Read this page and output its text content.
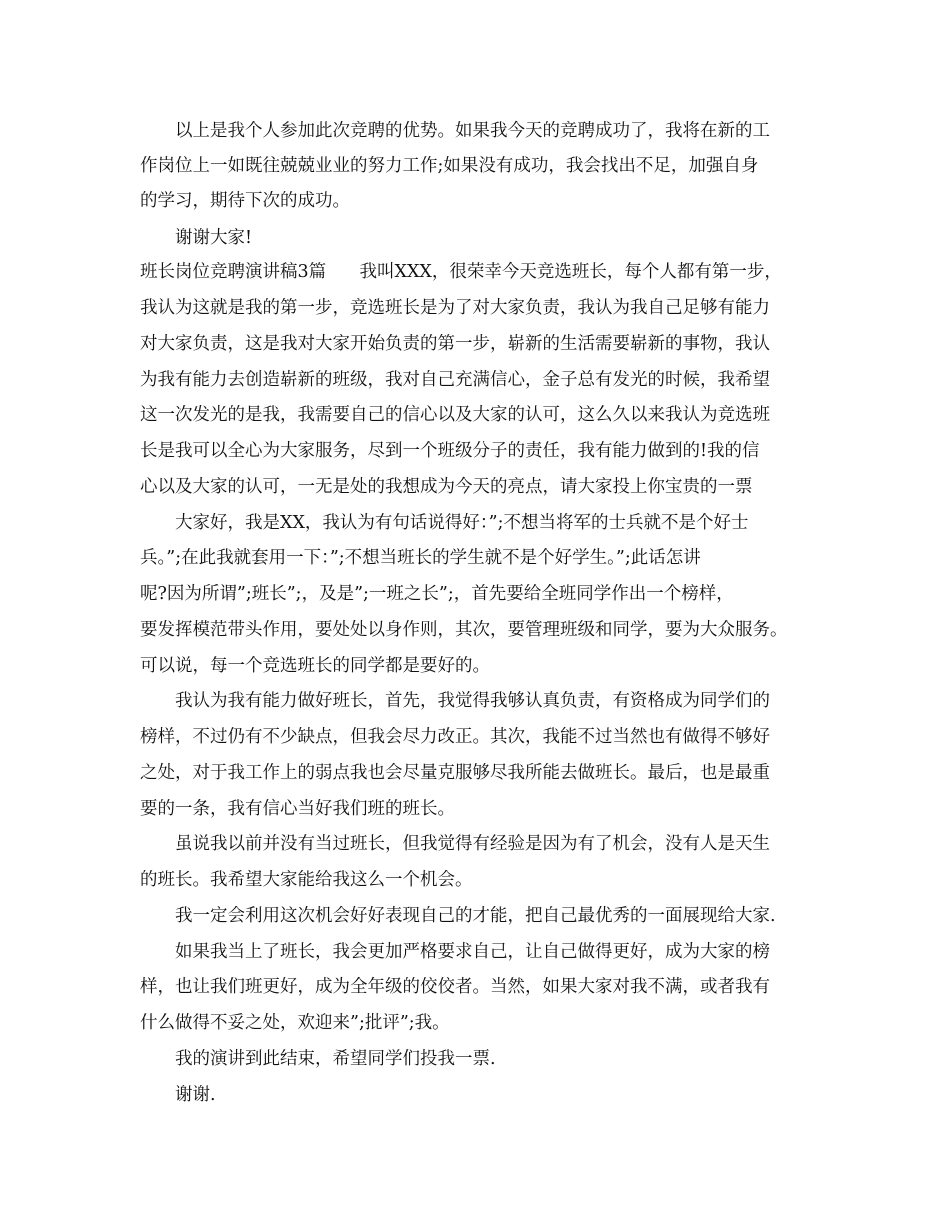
以上是我个人参加此次竞聘的优势。如果我今天的竞聘成功了，我将在新的工
作岗位上一如既往兢兢业业的努力工作;如果没有成功，我会找出不足，加强自身
的学习，期待下次的成功。
谢谢大家!
班长岗位竞聘演讲稿3篇      我叫XXX，很荣幸今天竞选班长，每个人都有第一步，
我认为这就是我的第一步，竞选班长是为了对大家负责，我认为我自己足够有能力
对大家负责，这是我对大家开始负责的第一步，崭新的生活需要崭新的事物，我认
为我有能力去创造崭新的班级，我对自己充满信心，金子总有发光的时候，我希望
这一次发光的是我，我需要自己的信心以及大家的认可，这么久以来我认为竞选班
长是我可以全心为大家服务，尽到一个班级分子的责任，我有能力做到的!我的信
心以及大家的认可，一无是处的我想成为今天的亮点，请大家投上你宝贵的一票
大家好，我是XX，我认为有句话说得好：”;不想当将军的士兵就不是个好士
兵。”;在此我就套用一下：”;不想当班长的学生就不是个好学生。”;此话怎讲
呢?因为所谓”;班长”;，及是”;一班之长”;，首先要给全班同学作出一个榜样，
要发挥模范带头作用，要处处以身作则，其次，要管理班级和同学，要为大众服务。
可以说，每一个竞选班长的同学都是要好的。
我认为我有能力做好班长，首先，我觉得我够认真负责，有资格成为同学们的
榜样，不过仍有不少缺点，但我会尽力改正。其次，我能不过当然也有做得不够好
之处，对于我工作上的弱点我也会尽量克服够尽我所能去做班长。最后，也是最重
要的一条，我有信心当好我们班的班长。
虽说我以前并没有当过班长，但我觉得有经验是因为有了机会，没有人是天生
的班长。我希望大家能给我这么一个机会。
我一定会利用这次机会好好表现自己的才能，把自己最优秀的一面展现给大家.
如果我当上了班长，我会更加严格要求自己，让自己做得更好，成为大家的榜
样，也让我们班更好，成为全年级的佼佼者。当然，如果大家对我不满，或者我有
什么做得不妥之处，欢迎来”;批评”;我。
我的演讲到此结束，希望同学们投我一票.
谢谢.
